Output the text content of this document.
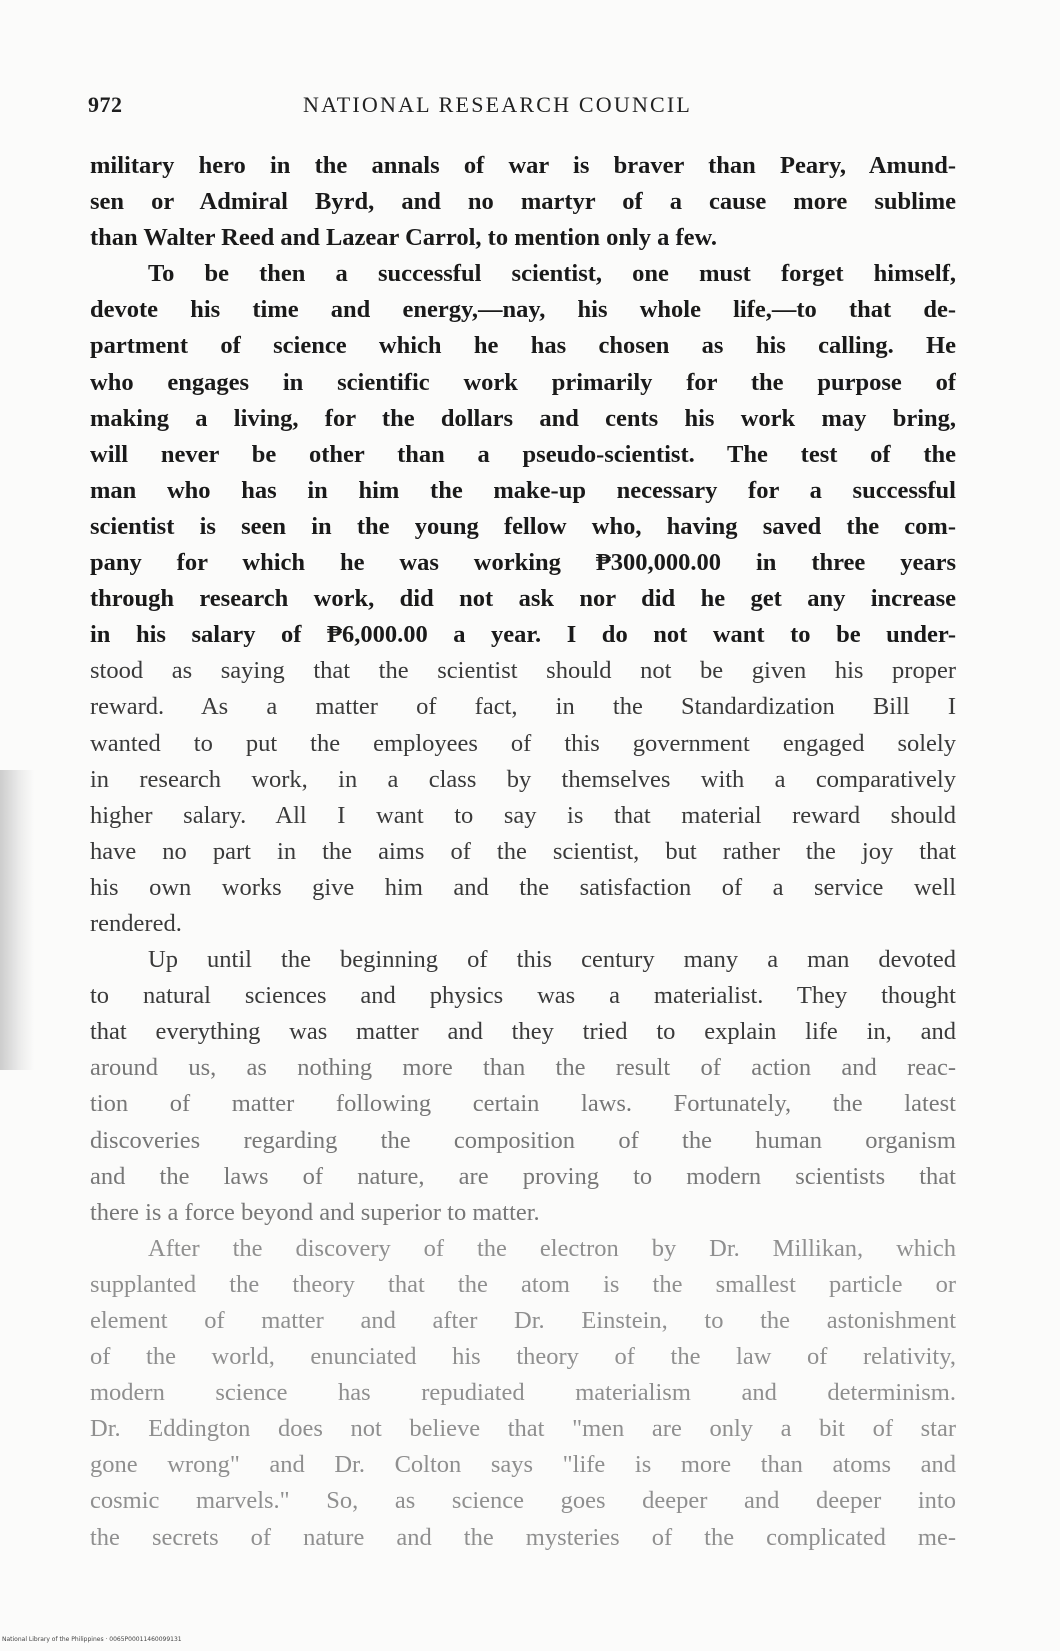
972	NATIONAL RESEARCH COUNCIL
military hero in the annals of war is braver than Peary, Amund-
sen or Admiral Byrd, and no martyr of a cause more sublime
than Walter Reed and Lazear Carrol, to mention only a few.
To be then a successful scientist, one must forget himself,
devote his time and energy,—nay, his whole life,—to that de-
partment of science which he has chosen as his calling. He
who engages in scientific work primarily for the purpose of
making a living, for the dollars and cents his work may bring,
will never be other than a pseudo-scientist. The test of the
man who has in him the make-up necessary for a successful
scientist is seen in the young fellow who, having saved the com-
pany for which he was working ₱300,000.00 in three years
through research work, did not ask nor did he get any increase
in his salary of ₱6,000.00 a year. I do not want to be under-
stood as saying that the scientist should not be given his proper
reward. As a matter of fact, in the Standardization Bill I
wanted to put the employees of this government engaged solely
in research work, in a class by themselves with a comparatively
higher salary. All I want to say is that material reward should
have no part in the aims of the scientist, but rather the joy that
his own works give him and the satisfaction of a service well
rendered.
Up until the beginning of this century many a man devoted
to natural sciences and physics was a materialist. They thought
that everything was matter and they tried to explain life in, and
around us, as nothing more than the result of action and reac-
tion of matter following certain laws. Fortunately, the latest
discoveries regarding the composition of the human organism
and the laws of nature, are proving to modern scientists that
there is a force beyond and superior to matter.
After the discovery of the electron by Dr. Millikan, which
supplanted the theory that the atom is the smallest particle or
element of matter and after Dr. Einstein, to the astonishment
of the world, enunciated his theory of the law of relativity,
modern science has repudiated materialism and determinism.
Dr. Eddington does not believe that "men are only a bit of star
gone wrong" and Dr. Colton says "life is more than atoms and
cosmic marvels." So, as science goes deeper and deeper into
the secrets of nature and the mysteries of the complicated me-
National Library of the Philippines · 0065P00011460099131
